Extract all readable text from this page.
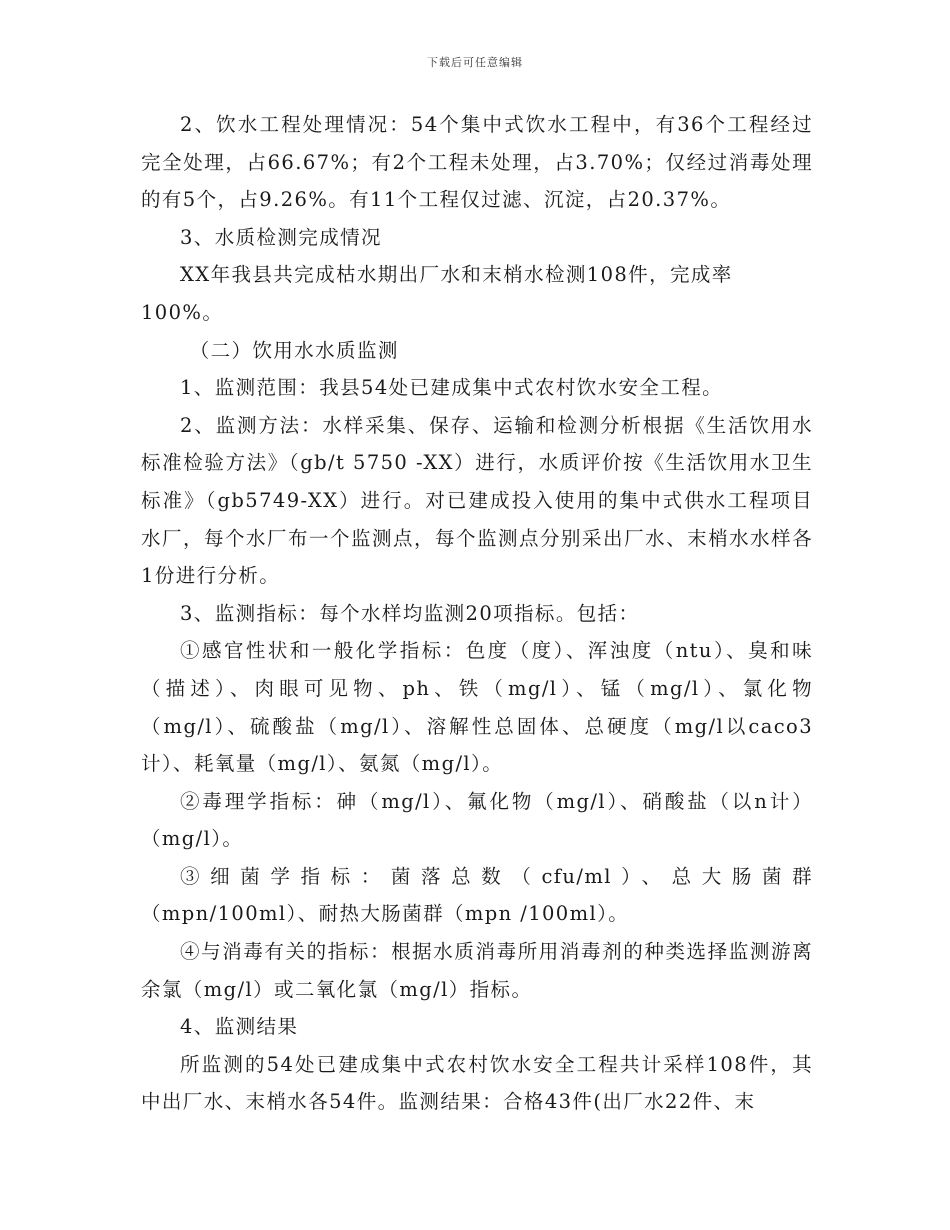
下载后可任意编辑

2、饮水工程处理情况：54个集中式饮水工程中，有36个工程经过完全处理，占66.67%；有2个工程未处理，占3.70%；仅经过消毒处理的有5个，占9.26%。有11个工程仅过滤、沉淀，占20.37%。

3、水质检测完成情况

XX年我县共完成枯水期出厂水和末梢水检测108件，完成率

100%。

（二）饮用水水质监测

1、监测范围：我县54处已建成集中式农村饮水安全工程。

2、监测方法：水样采集、保存、运输和检测分析根据《生活饮用水标准检验方法》（gb/t 5750 -XX）进行，水质评价按《生活饮用水卫生标准》（gb5749-XX）进行。对已建成投入使用的集中式供水工程项目水厂，每个水厂布一个监测点，每个监测点分别采出厂水、末梢水水样各1份进行分析。

3、监测指标：每个水样均监测20项指标。包括：

①感官性状和一般化学指标：色度（度）、浑浊度（ntu）、臭和味（描述）、肉眼可见物、ph、铁（mg/l）、锰（mg/l）、氯化物（mg/l）、硫酸盐（mg/l）、溶解性总固体、总硬度（mg/l以caco3计）、耗氧量（mg/l）、氨氮（mg/l）。

②毒理学指标：砷（mg/l）、氟化物（mg/l）、硝酸盐（以n计）（mg/l）。

③细菌学指标：菌落总数（cfu/ml）、总大肠菌群（mpn/100ml）、耐热大肠菌群（mpn /100ml）。

④与消毒有关的指标：根据水质消毒所用消毒剂的种类选择监测游离余氯（mg/l）或二氧化氯（mg/l）指标。

4、监测结果

所监测的54处已建成集中式农村饮水安全工程共计采样108件，其中出厂水、末梢水各54件。监测结果：合格43件(出厂水22件、末
